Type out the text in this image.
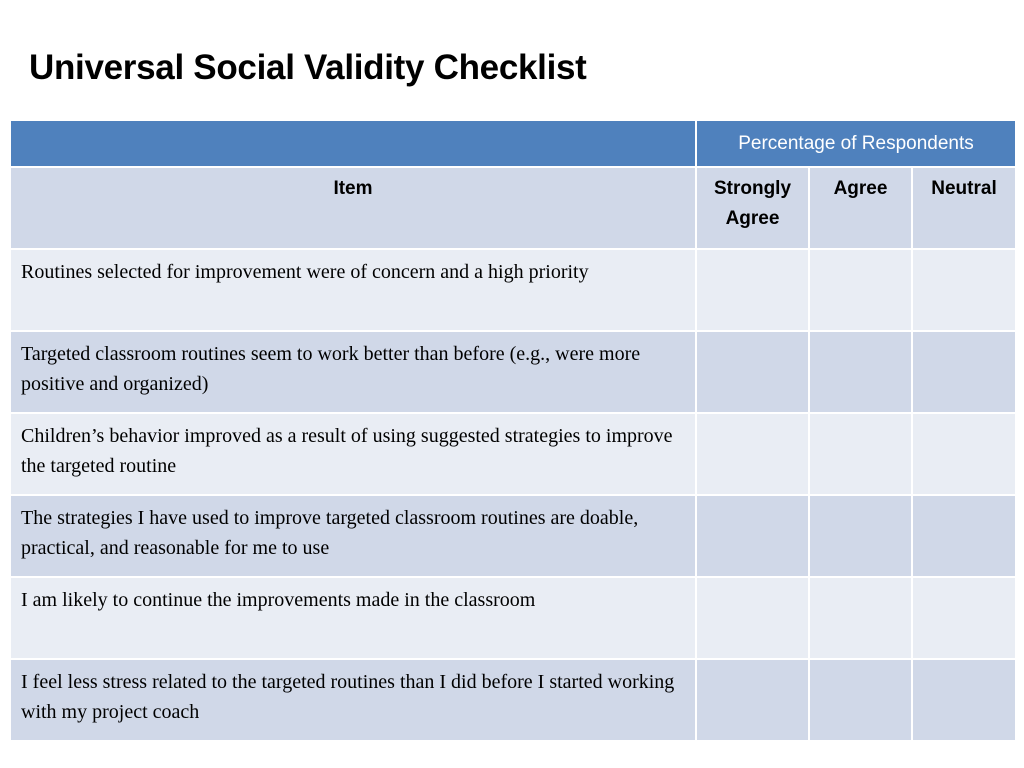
Universal Social Validity Checklist
	Percentage of Respondents		
Item	Strongly Agree	Agree	Neutral
Routines selected for improvement were of concern and a high priority			
Targeted classroom routines seem to work better than before (e.g., were more positive and organized)			
Children’s behavior improved as a result of using suggested strategies to improve the targeted routine			
The strategies I have used to improve targeted classroom routines are doable, practical, and reasonable for me to use			
I am likely to continue the improvements made in the classroom			
I feel less stress related to the targeted routines than I did before I started working with my project coach			
